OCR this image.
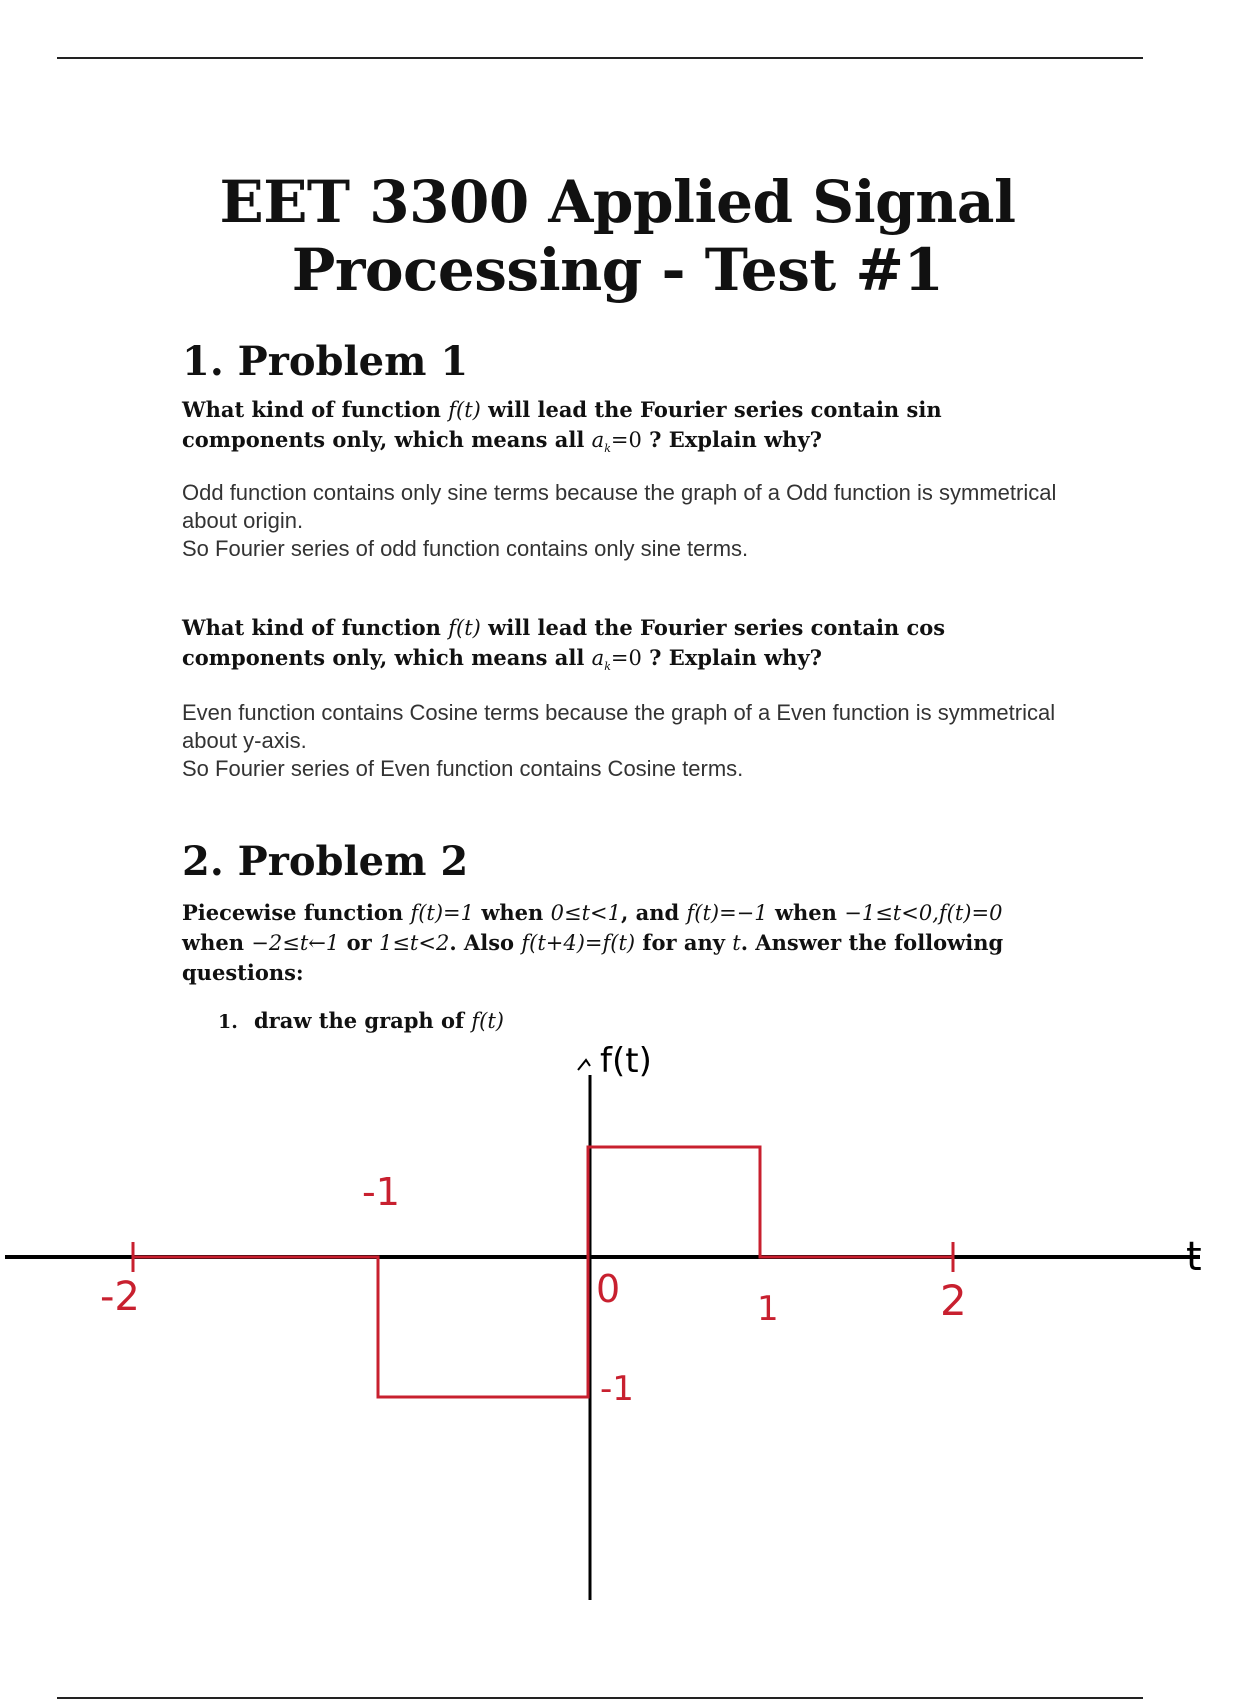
EET 3300 Applied Signal
Processing - Test #1
1. Problem 1
What kind of function f(t) will lead the Fourier series contain sin
components only, which means all $a_k=0$ ? Explain why?
Odd function contains only sine terms because the graph of a Odd function is symmetrical about origin.
So Fourier series of odd function contains only sine terms.
What kind of function f(t) will lead the Fourier series contain cos
components only, which means all $a_k=0$ ? Explain why?
Even function contains Cosine terms because the graph of a Even function is symmetrical about y-axis.
So Fourier series of Even function contains Cosine terms.
2. Problem 2
Piecewise function f(t)=1 when 0≤t<1, and f(t)=−1 when −1≤t<0,f(t)=0
when −2≤t←1 or 1≤t<2. Also f(t+4)=f(t) for any t. Answer the following
questions:
1. draw the graph of f(t)
f(t)
t
-2
-1
0	1	2
-1
